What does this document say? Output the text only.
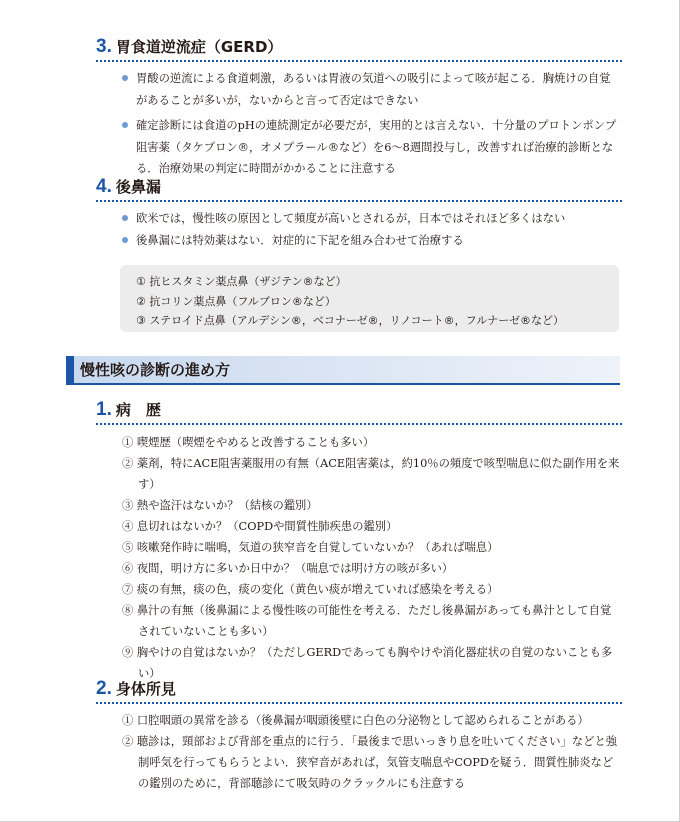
3. 胃食道逆流症（GERD）
胃酸の逆流による食道刺激，あるいは胃液の気道への吸引によって咳が起こる．胸焼けの自覚があることが多いが，ないからと言って否定はできない
確定診断には食道のpHの連続測定が必要だが，実用的とは言えない．十分量のプロトンポンプ阻害薬（タケプロン®，オメプラール®など）を6～8週間投与し，改善すれば治療的診断となる．治療効果の判定に時間がかかることに注意する
4. 後鼻漏
欧米では，慢性咳の原因として頻度が高いとされるが，日本ではそれほど多くはない
後鼻漏には特効薬はない．対症的に下記を組み合わせて治療する
① 抗ヒスタミン薬点鼻（ザジテン®など）
② 抗コリン薬点鼻（フルブロン®など）
③ ステロイド点鼻（アルデシン®，ベコナーゼ®，リノコート®，フルナーゼ®など）
慢性咳の診断の進め方
1. 病　歴
① 喫煙歴（喫煙をやめると改善することも多い）
② 薬剤，特にACE阻害薬服用の有無（ACE阻害薬は，約10％の頻度で咳型喘息に似た副作用を来す）
③ 熱や盗汗はないか？（結核の鑑別）
④ 息切れはないか？（COPDや間質性肺疾患の鑑別）
⑤ 咳嗽発作時に喘鳴，気道の狭窄音を自覚していないか？（あれば喘息）
⑥ 夜間，明け方に多いか日中か？（喘息では明け方の咳が多い）
⑦ 痰の有無，痰の色，痰の変化（黄色い痰が増えていれば感染を考える）
⑧ 鼻汁の有無（後鼻漏による慢性咳の可能性を考える．ただし後鼻漏があっても鼻汁として自覚されていないことも多い）
⑨ 胸やけの自覚はないか？（ただしGERDであっても胸やけや消化器症状の自覚のないことも多い）
2. 身体所見
① 口腔咽頭の異常を診る（後鼻漏が咽頭後壁に白色の分泌物として認められることがある）
② 聴診は，頸部および背部を重点的に行う．「最後まで思いっきり息を吐いてください」などと強制呼気を行ってもらうとよい．狭窄音があれば，気管支喘息やCOPDを疑う．間質性肺炎などの鑑別のために，背部聴診にて吸気時のクラックルにも注意する
